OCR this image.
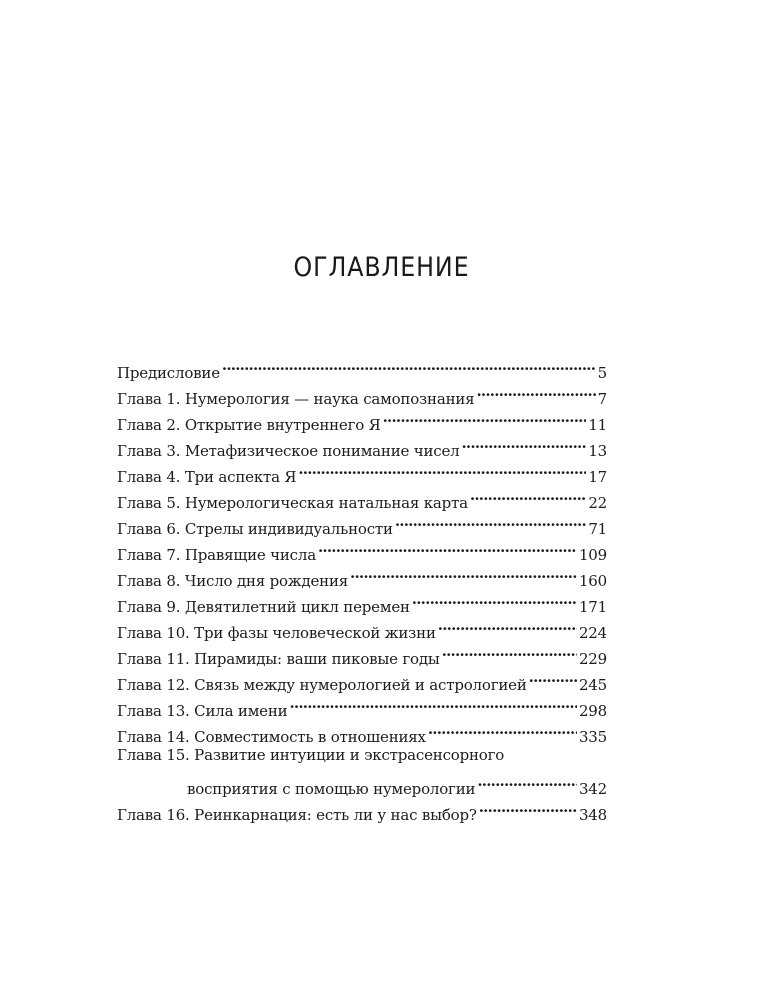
ОГЛАВЛЕНИЕ
Предисловие . . .	5
Глава 1. Нумерология — наука самопознания . . .	7
Глава 2. Открытие внутреннего Я . . .	11
Глава 3. Метафизическое понимание чисел . . .	13
Глава 4. Три аспекта Я . . .	17
Глава 5. Нумерологическая натальная карта . . .	22
Глава 6. Стрелы индивидуальности . . .	71
Глава 7. Правящие числа . . .	109
Глава 8. Число дня рождения . . .	160
Глава 9. Девятилетний цикл перемен . . .	171
Глава 10. Три фазы человеческой жизни . . .	224
Глава 11. Пирамиды: ваши пиковые годы . . .	229
Глава 12. Связь между нумерологией и астрологией . . .	245
Глава 13. Сила имени . . .	298
Глава 14. Совместимость в отношениях . . .	335
Глава 15. Развитие интуиции и экстрасенсорного
восприятия с помощью нумерологии . . .	342
Глава 16. Реинкарнация: есть ли у нас выбор? . . .	348
